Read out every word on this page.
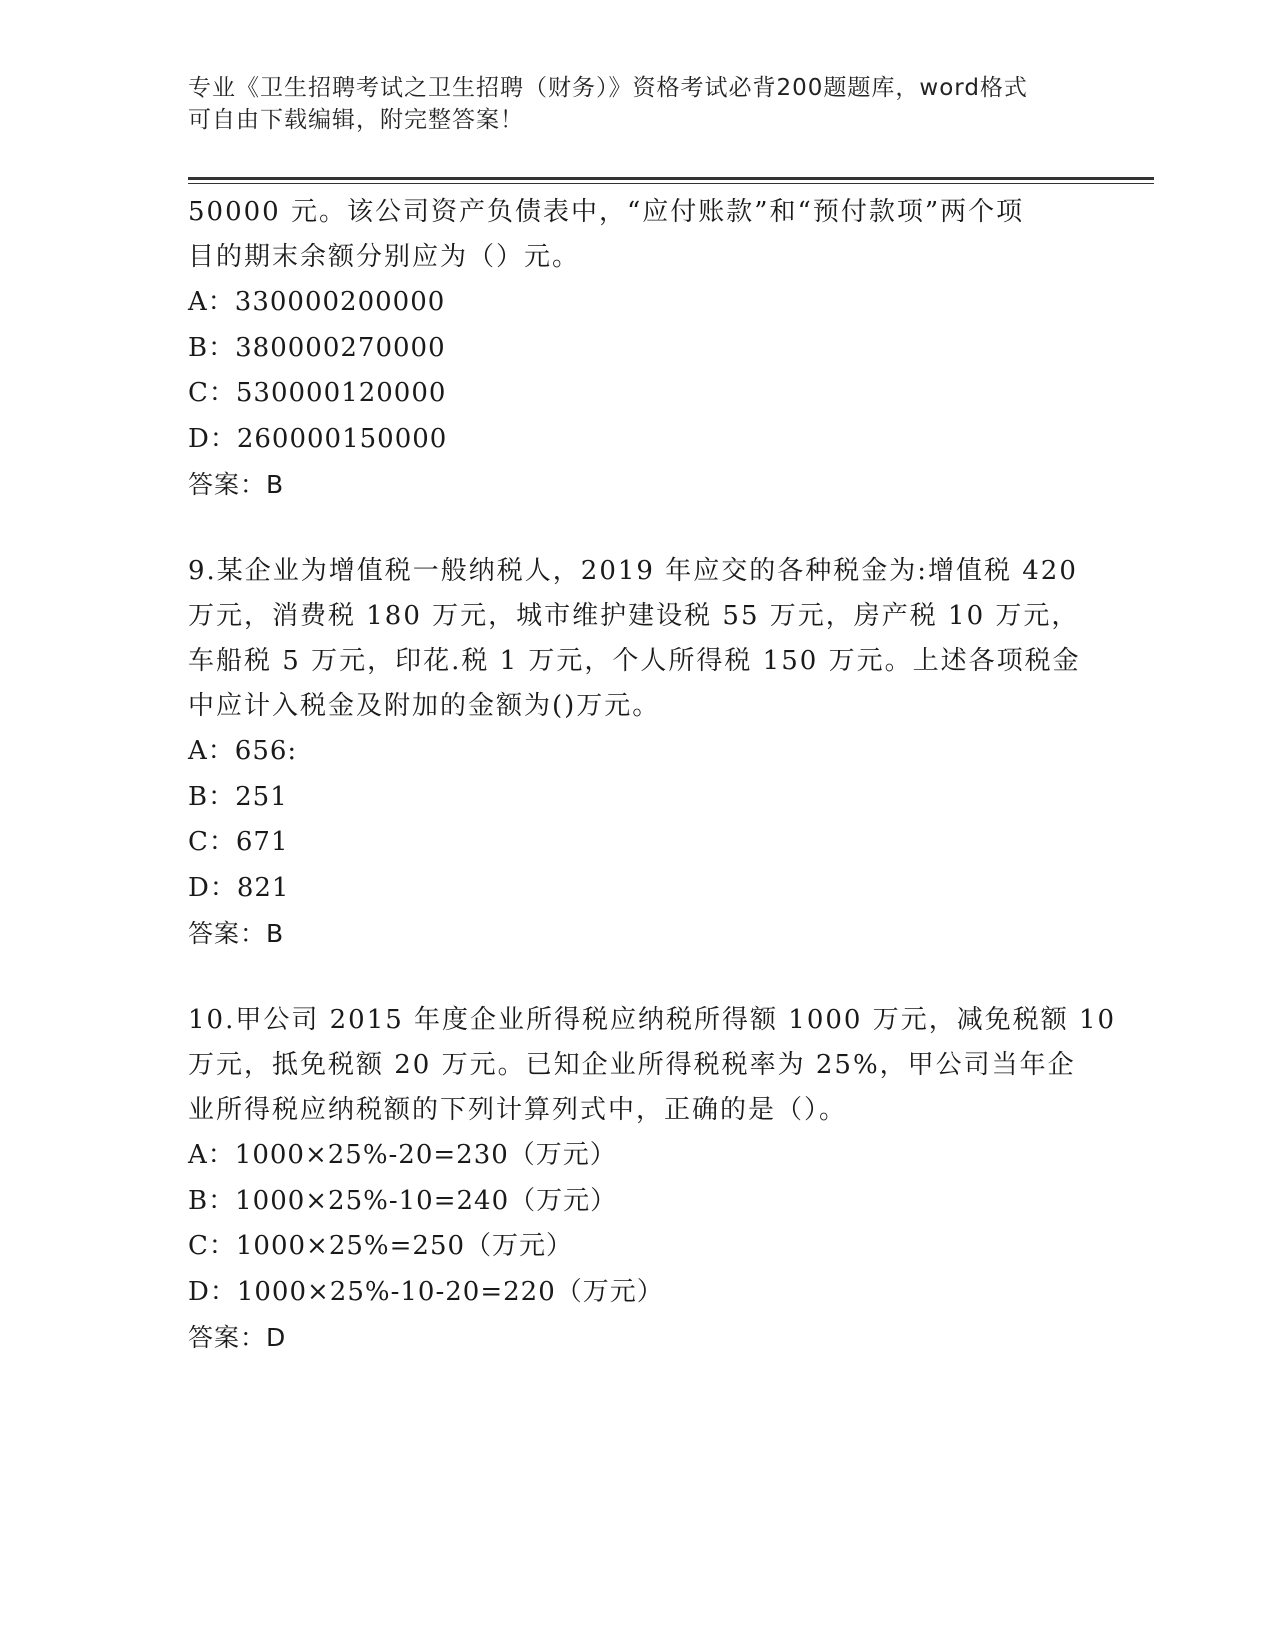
专业《卫生招聘考试之卫生招聘（财务）》资格考试必背200题题库，word格式
可自由下载编辑，附完整答案！
50000 元。该公司资产负债表中，“应付账款”和“预付款项”两个项
目的期末余额分别应为（）元。
A：330000200000
B：380000270000
C：530000120000
D：260000150000
答案：B
9.某企业为增值税一般纳税人，2019 年应交的各种税金为:增值税 420
万元，消费税 180 万元，城市维护建设税 55 万元，房产税 10 万元，
车船税 5 万元，印花.税 1 万元，个人所得税 150 万元。上述各项税金
中应计入税金及附加的金额为()万元。
A：656:
B：251
C：671
D：821
答案：B
10.甲公司 2015 年度企业所得税应纳税所得额 1000 万元，减免税额 10
万元，抵免税额 20 万元。已知企业所得税税率为 25%，甲公司当年企
业所得税应纳税额的下列计算列式中，正确的是（）。
A：1000×25%-20=230（万元）
B：1000×25%-10=240（万元）
C：1000×25%=250（万元）
D：1000×25%-10-20=220（万元）
答案：D
